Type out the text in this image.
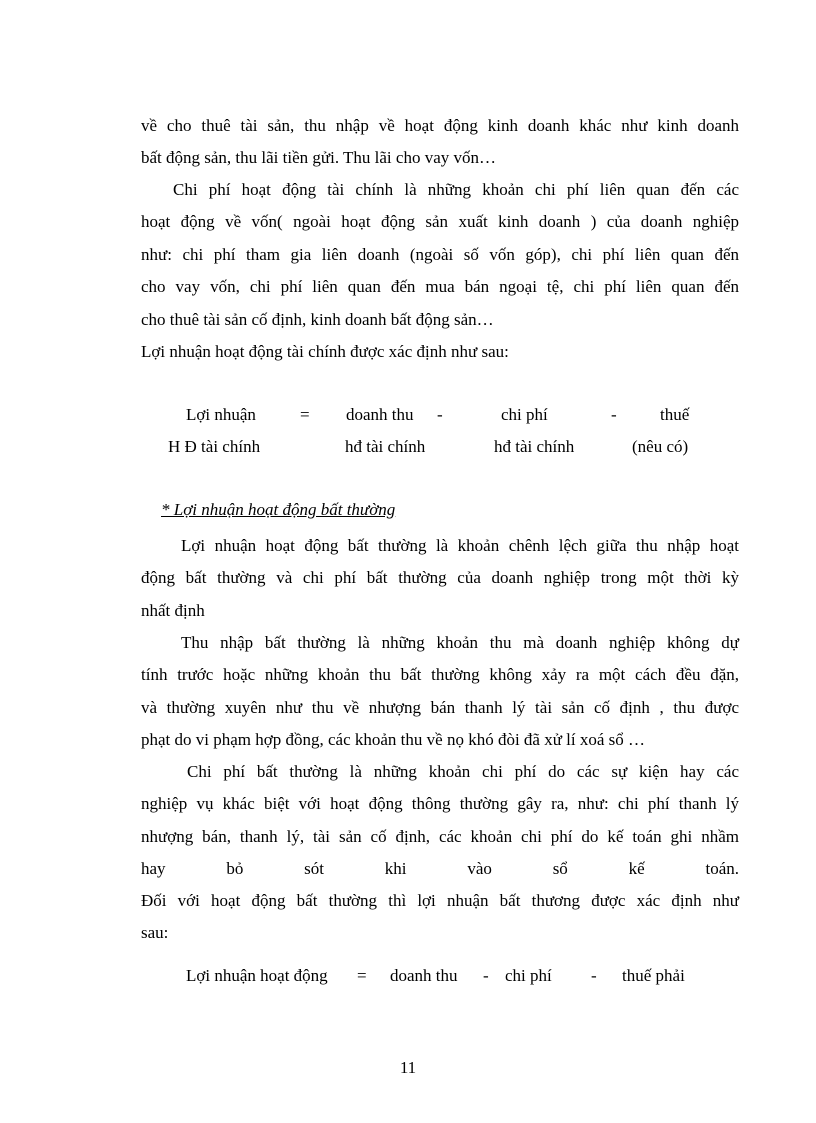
về cho thuê tài sản, thu nhập về hoạt động kinh doanh khác như kinh doanh
bất động sản, thu lãi tiền gửi. Thu lãi cho vay vốn…

Chi phí hoạt động tài chính là những khoản chi phí liên quan đến các
hoạt động về vốn( ngoài hoạt động sản xuất kinh doanh ) của doanh nghiệp
như: chi phí tham gia liên doanh (ngoài số vốn góp), chi phí liên quan đến
cho vay vốn, chi phí liên quan đến mua bán ngoại tệ, chi phí liên quan đến
cho thuê tài sản cố định, kinh doanh bất động sản…

Lợi nhuận hoạt động tài chính được xác định như sau:

Lợi nhuận	= doanh thu -	chi phí	-	thuế
H Đ tài chính	hđ tài chính	hđ tài chính	(nêu có)
* Lợi nhuận hoạt động bất thường

Lợi nhuận hoạt động bất thường là khoản chênh lệch giữa thu nhập hoạt
động bất thường và chi phí bất thường của doanh nghiệp trong một thời kỳ
nhất định

Thu nhập bất thường là những khoản thu mà doanh nghiệp không dự
tính trước hoặc những khoản thu bất thường không xảy ra một cách đều đặn,
và thường xuyên như thu về nhượng bán thanh lý tài sản cố định , thu được
phạt do vi phạm hợp đồng, các khoản thu về nọ khó đòi đã xử lí xoá sổ …

Chi phí bất thường là những khoản chi phí do các sự kiện hay các
nghiệp vụ khác biệt với hoạt động thông thường gây ra, như: chi phí thanh lý
nhượng bán, thanh lý, tài sản cố định, các khoản chi phí do kế toán ghi nhầm
hay bỏ sót khi vào sổ kế toán.

Đối với hoạt động bất thường thì lợi nhuận bất thương được xác định như
sau:

Lợi nhuận hoạt động = doanh thu - chi phí - thuế phải
11
